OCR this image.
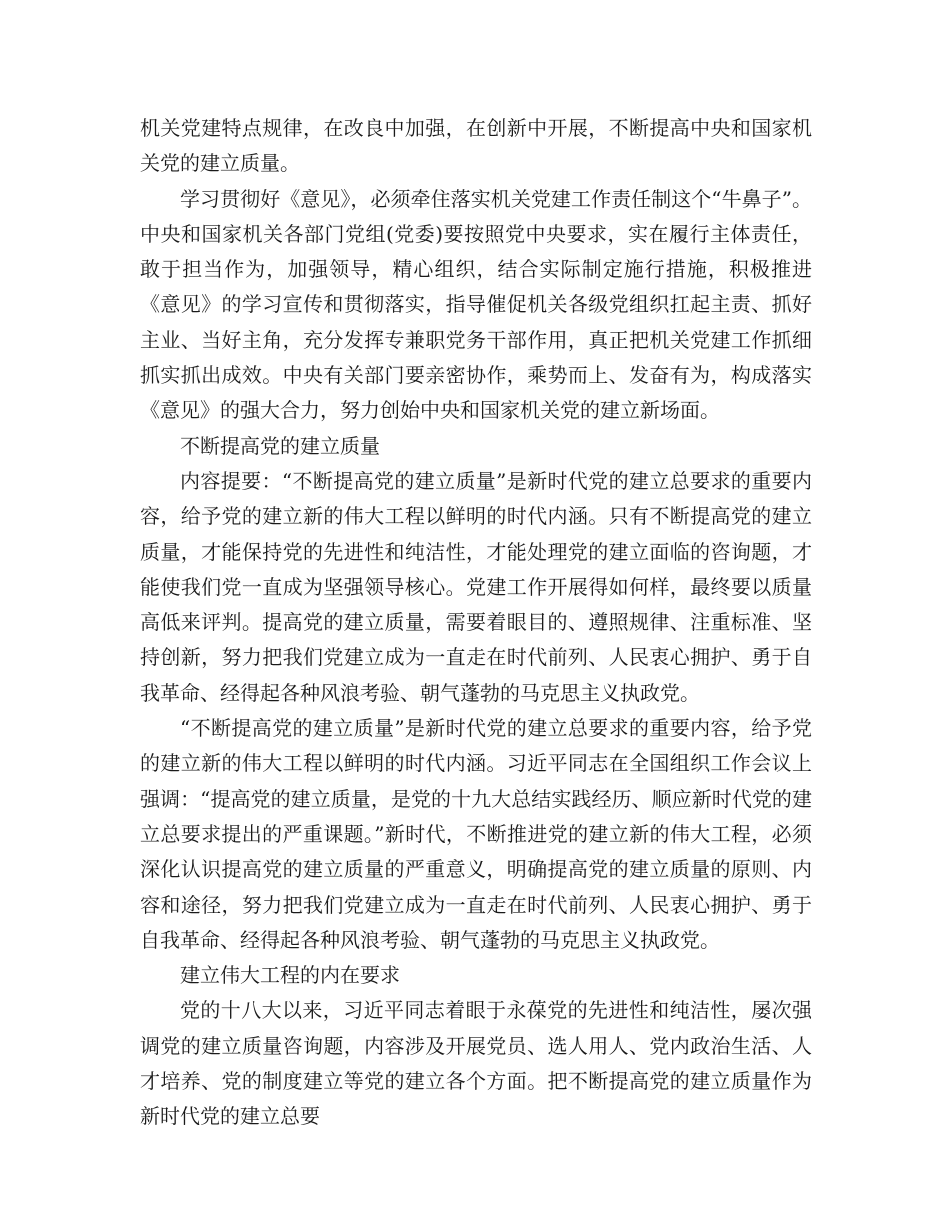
机关党建特点规律，在改良中加强，在创新中开展，不断提高中央和国家机关党的建立质量。

学习贯彻好《意见》，必须牵住落实机关党建工作责任制这个“牛鼻子”。中央和国家机关各部门党组(党委)要按照党中央要求，实在履行主体责任，敢于担当作为，加强领导，精心组织，结合实际制定施行措施，积极推进《意见》的学习宣传和贯彻落实，指导催促机关各级党组织扛起主责、抓好主业、当好主角，充分发挥专兼职党务干部作用，真正把机关党建工作抓细抓实抓出成效。中央有关部门要亲密协作，乘势而上、发奋有为，构成落实《意见》的强大合力，努力创始中央和国家机关党的建立新场面。

不断提高党的建立质量

内容提要：“不断提高党的建立质量”是新时代党的建立总要求的重要内容，给予党的建立新的伟大工程以鲜明的时代内涵。只有不断提高党的建立质量，才能保持党的先进性和纯洁性，才能处理党的建立面临的咨询题，才能使我们党一直成为坚强领导核心。党建工作开展得如何样，最终要以质量高低来评判。提高党的建立质量，需要着眼目的、遵照规律、注重标准、坚持创新，努力把我们党建立成为一直走在时代前列、人民衷心拥护、勇于自我革命、经得起各种风浪考验、朝气蓬勃的马克思主义执政党。

“不断提高党的建立质量”是新时代党的建立总要求的重要内容，给予党的建立新的伟大工程以鲜明的时代内涵。习近平同志在全国组织工作会议上强调：“提高党的建立质量，是党的十九大总结实践经历、顺应新时代党的建立总要求提出的严重课题。”新时代，不断推进党的建立新的伟大工程，必须深化认识提高党的建立质量的严重意义，明确提高党的建立质量的原则、内容和途径，努力把我们党建立成为一直走在时代前列、人民衷心拥护、勇于自我革命、经得起各种风浪考验、朝气蓬勃的马克思主义执政党。

建立伟大工程的内在要求

党的十八大以来，习近平同志着眼于永葆党的先进性和纯洁性，屡次强调党的建立质量咨询题，内容涉及开展党员、选人用人、党内政治生活、人才培养、党的制度建立等党的建立各个方面。把不断提高党的建立质量作为新时代党的建立总要
